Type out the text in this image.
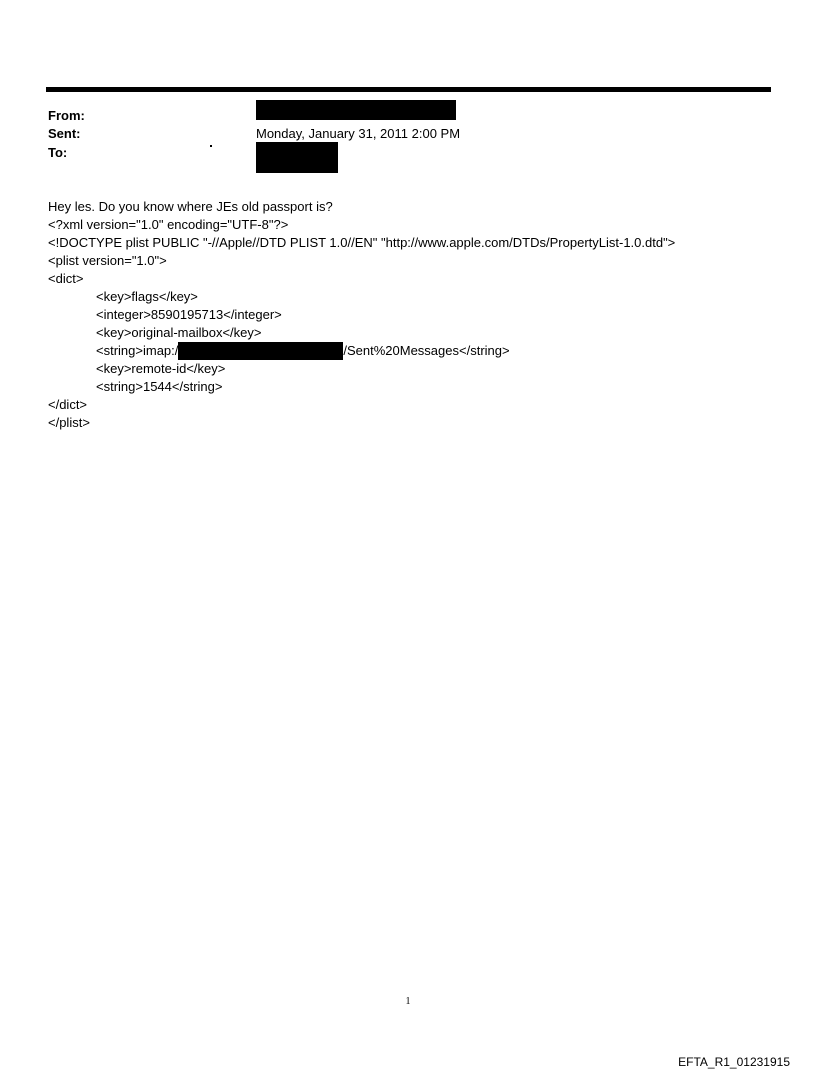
From:
Sent:
To:
Monday, January 31, 2011 2:00 PM
Hey les. Do you know where JEs old passport is?
<?xml version="1.0" encoding="UTF-8"?>
<!DOCTYPE plist PUBLIC "-//Apple//DTD PLIST 1.0//EN" "http://www.apple.com/DTDs/PropertyList-1.0.dtd">
<plist version="1.0">
<dict>
<key>flags</key>
<integer>8590195713</integer>
<key>original-mailbox</key>
<string>imap:/	/Sent%20Messages</string>
<key>remote-id</key>
<string>1544</string>
</dict>
</plist>
1
EFTA_R1_01231915
